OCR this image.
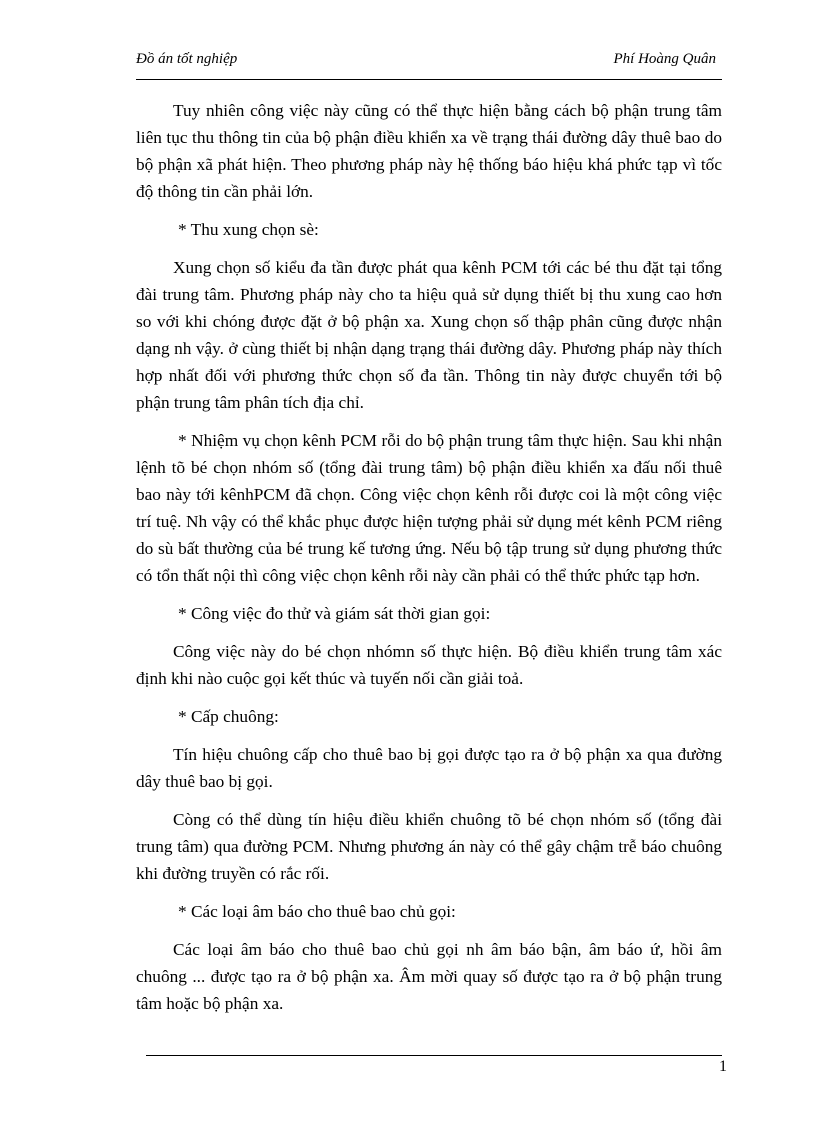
Đồ án tốt nghiệp	Phí Hoàng Quân

Tuy nhiên công việc này cũng có thể thực hiện bằng cách bộ phận trung tâm liên tục thu thông tin của bộ phận điều khiển xa về trạng thái đường dây thuê bao do bộ phận xã phát hiện. Theo phương pháp này hệ thống báo hiệu khá phức tạp vì tốc độ thông tin cần phải lớn.

* Thu xung chọn sè:

Xung chọn số kiểu đa tần được phát qua kênh PCM tới các bé thu đặt tại tổng đài trung tâm. Phương pháp này cho ta hiệu quả sử dụng thiết bị thu xung cao hơn so với khi chóng được đặt ở bộ phận xa. Xung chọn số thập phân cũng được nhận dạng nh vậy. ở cùng thiết bị nhận dạng trạng thái đường dây. Phương pháp này thích hợp nhất đối với phương thức chọn số đa tần. Thông tin này được chuyển tới bộ phận trung tâm phân tích địa chỉ.

* Nhiệm vụ chọn kênh PCM rỗi do bộ phận trung tâm thực hiện. Sau khi nhận lệnh tõ bé chọn nhóm số (tổng đài trung tâm) bộ phận điều khiển xa đấu nối thuê bao này tới kênhPCM đã chọn. Công việc chọn kênh rỗi được coi là một công việc trí tuệ. Nh vậy có thể khắc phục được hiện tượng phải sử dụng mét kênh PCM riêng do sù bất thường của bé trung kế tương ứng. Nếu bộ tập trung sử dụng phương thức có tổn thất nội thì công việc chọn kênh rỗi này cần phải có thể thức phức tạp hơn.

* Công việc đo thử và giám sát thời gian gọi:

Công việc này do bé chọn nhómn số thực hiện. Bộ điều khiển trung tâm xác định khi nào cuộc gọi kết thúc và tuyến nối cần giải toả.

* Cấp chuông:

Tín hiệu chuông cấp cho thuê bao bị gọi được tạo ra ở bộ phận xa qua đường dây thuê bao bị gọi.

Còng có thể dùng tín hiệu điều khiển chuông tõ bé chọn nhóm số (tổng đài trung tâm) qua đường PCM. Nhưng phương án này có thể gây chậm trễ báo chuông khi đường truyền có rắc rối.

* Các loại âm báo cho thuê bao chủ gọi:

Các loại âm báo cho thuê bao chủ gọi nh âm báo bận, âm báo ứ, hồi âm chuông ... được tạo ra ở bộ phận xa. Âm mời quay số được tạo ra ở bộ phận trung tâm hoặc bộ phận xa.

1
